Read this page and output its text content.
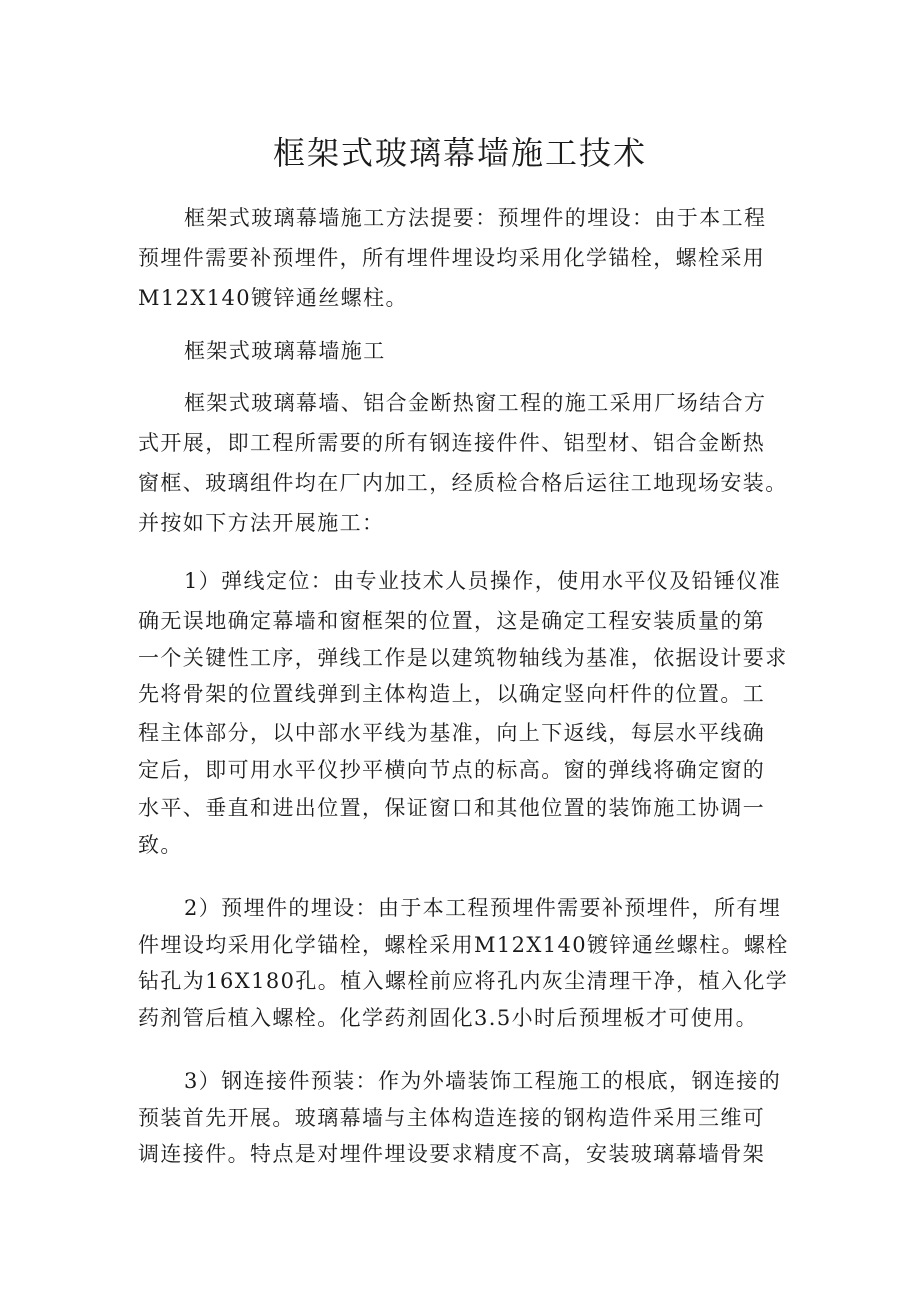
框架式玻璃幕墙施工技术

框架式玻璃幕墙施工方法提要：预埋件的埋设：由于本工程

预埋件需要补预埋件，所有埋件埋设均采用化学锚栓，螺栓采用

M12X140镀锌通丝螺柱。

框架式玻璃幕墙施工

框架式玻璃幕墙、铝合金断热窗工程的施工采用厂场结合方

式开展，即工程所需要的所有钢连接件件、铝型材、铝合金断热

窗框、玻璃组件均在厂内加工，经质检合格后运往工地现场安装。

并按如下方法开展施工：

1）弹线定位：由专业技术人员操作，使用水平仪及铅锤仪准

确无误地确定幕墙和窗框架的位置，这是确定工程安装质量的第

一个关键性工序，弹线工作是以建筑物轴线为基准，依据设计要求

先将骨架的位置线弹到主体构造上，以确定竖向杆件的位置。工

程主体部分，以中部水平线为基准，向上下返线，每层水平线确

定后，即可用水平仪抄平横向节点的标高。窗的弹线将确定窗的

水平、垂直和进出位置，保证窗口和其他位置的装饰施工协调一

致。

2）预埋件的埋设：由于本工程预埋件需要补预埋件，所有埋

件埋设均采用化学锚栓，螺栓采用M12X140镀锌通丝螺柱。螺栓

钻孔为16X180孔。植入螺栓前应将孔内灰尘清理干净，植入化学

药剂管后植入螺栓。化学药剂固化3.5小时后预埋板才可使用。

3）钢连接件预装：作为外墙装饰工程施工的根底，钢连接的

预装首先开展。玻璃幕墙与主体构造连接的钢构造件采用三维可

调连接件。特点是对埋件埋设要求精度不高，安装玻璃幕墙骨架
